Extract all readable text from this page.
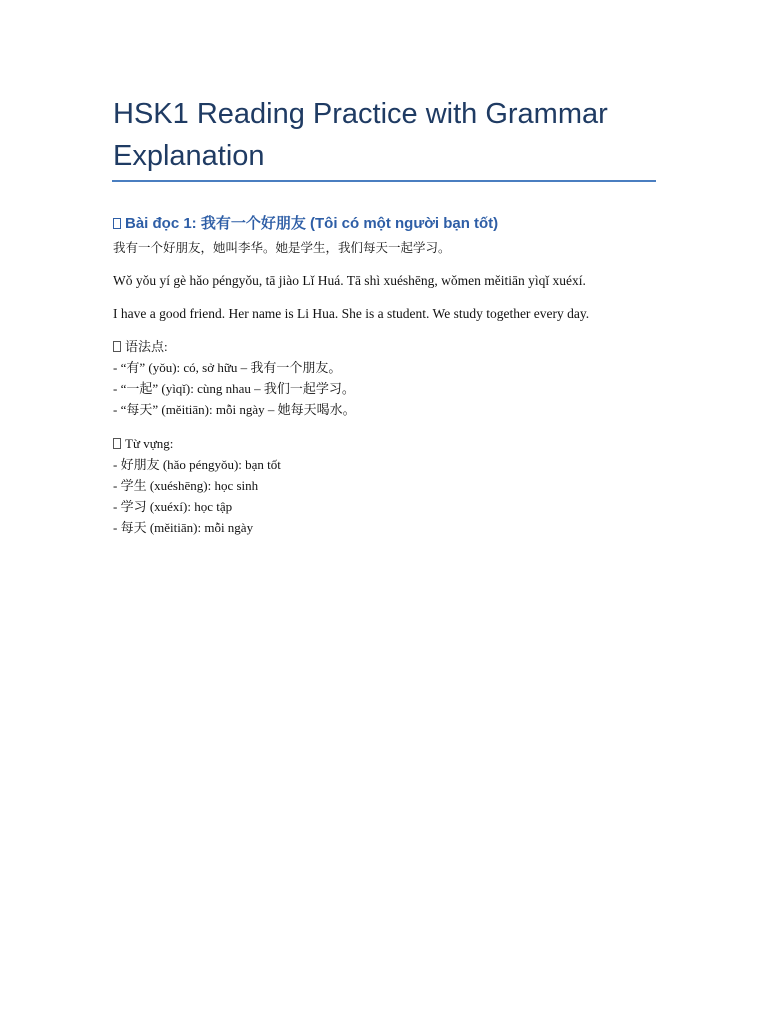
HSK1 Reading Practice with Grammar Explanation
Bài đọc 1: 我有一个好朋友 (Tôi có một người bạn tốt)

我有一个好朋友，她叫李华。她是学生，我们每天一起学习。

Wǒ yǒu yí gè hǎo péngyǒu, tā jiào Lǐ Huá. Tā shì xuéshēng, wǒmen měitiān yìqǐ xuéxí.

I have a good friend. Her name is Li Hua. She is a student. We study together every day.

语法点:
- “有” (yǒu): có, sở hữu – 我有一个朋友。
- “一起” (yìqǐ): cùng nhau – 我们一起学习。
- “每天” (měitiān): mỗi ngày – 她每天喝水。
Từ vựng:
- 好朋友 (hǎo péngyǒu): bạn tốt
- 学生 (xuéshēng): học sinh
- 学习 (xuéxí): học tập
- 每天 (měitiān): mỗi ngày
